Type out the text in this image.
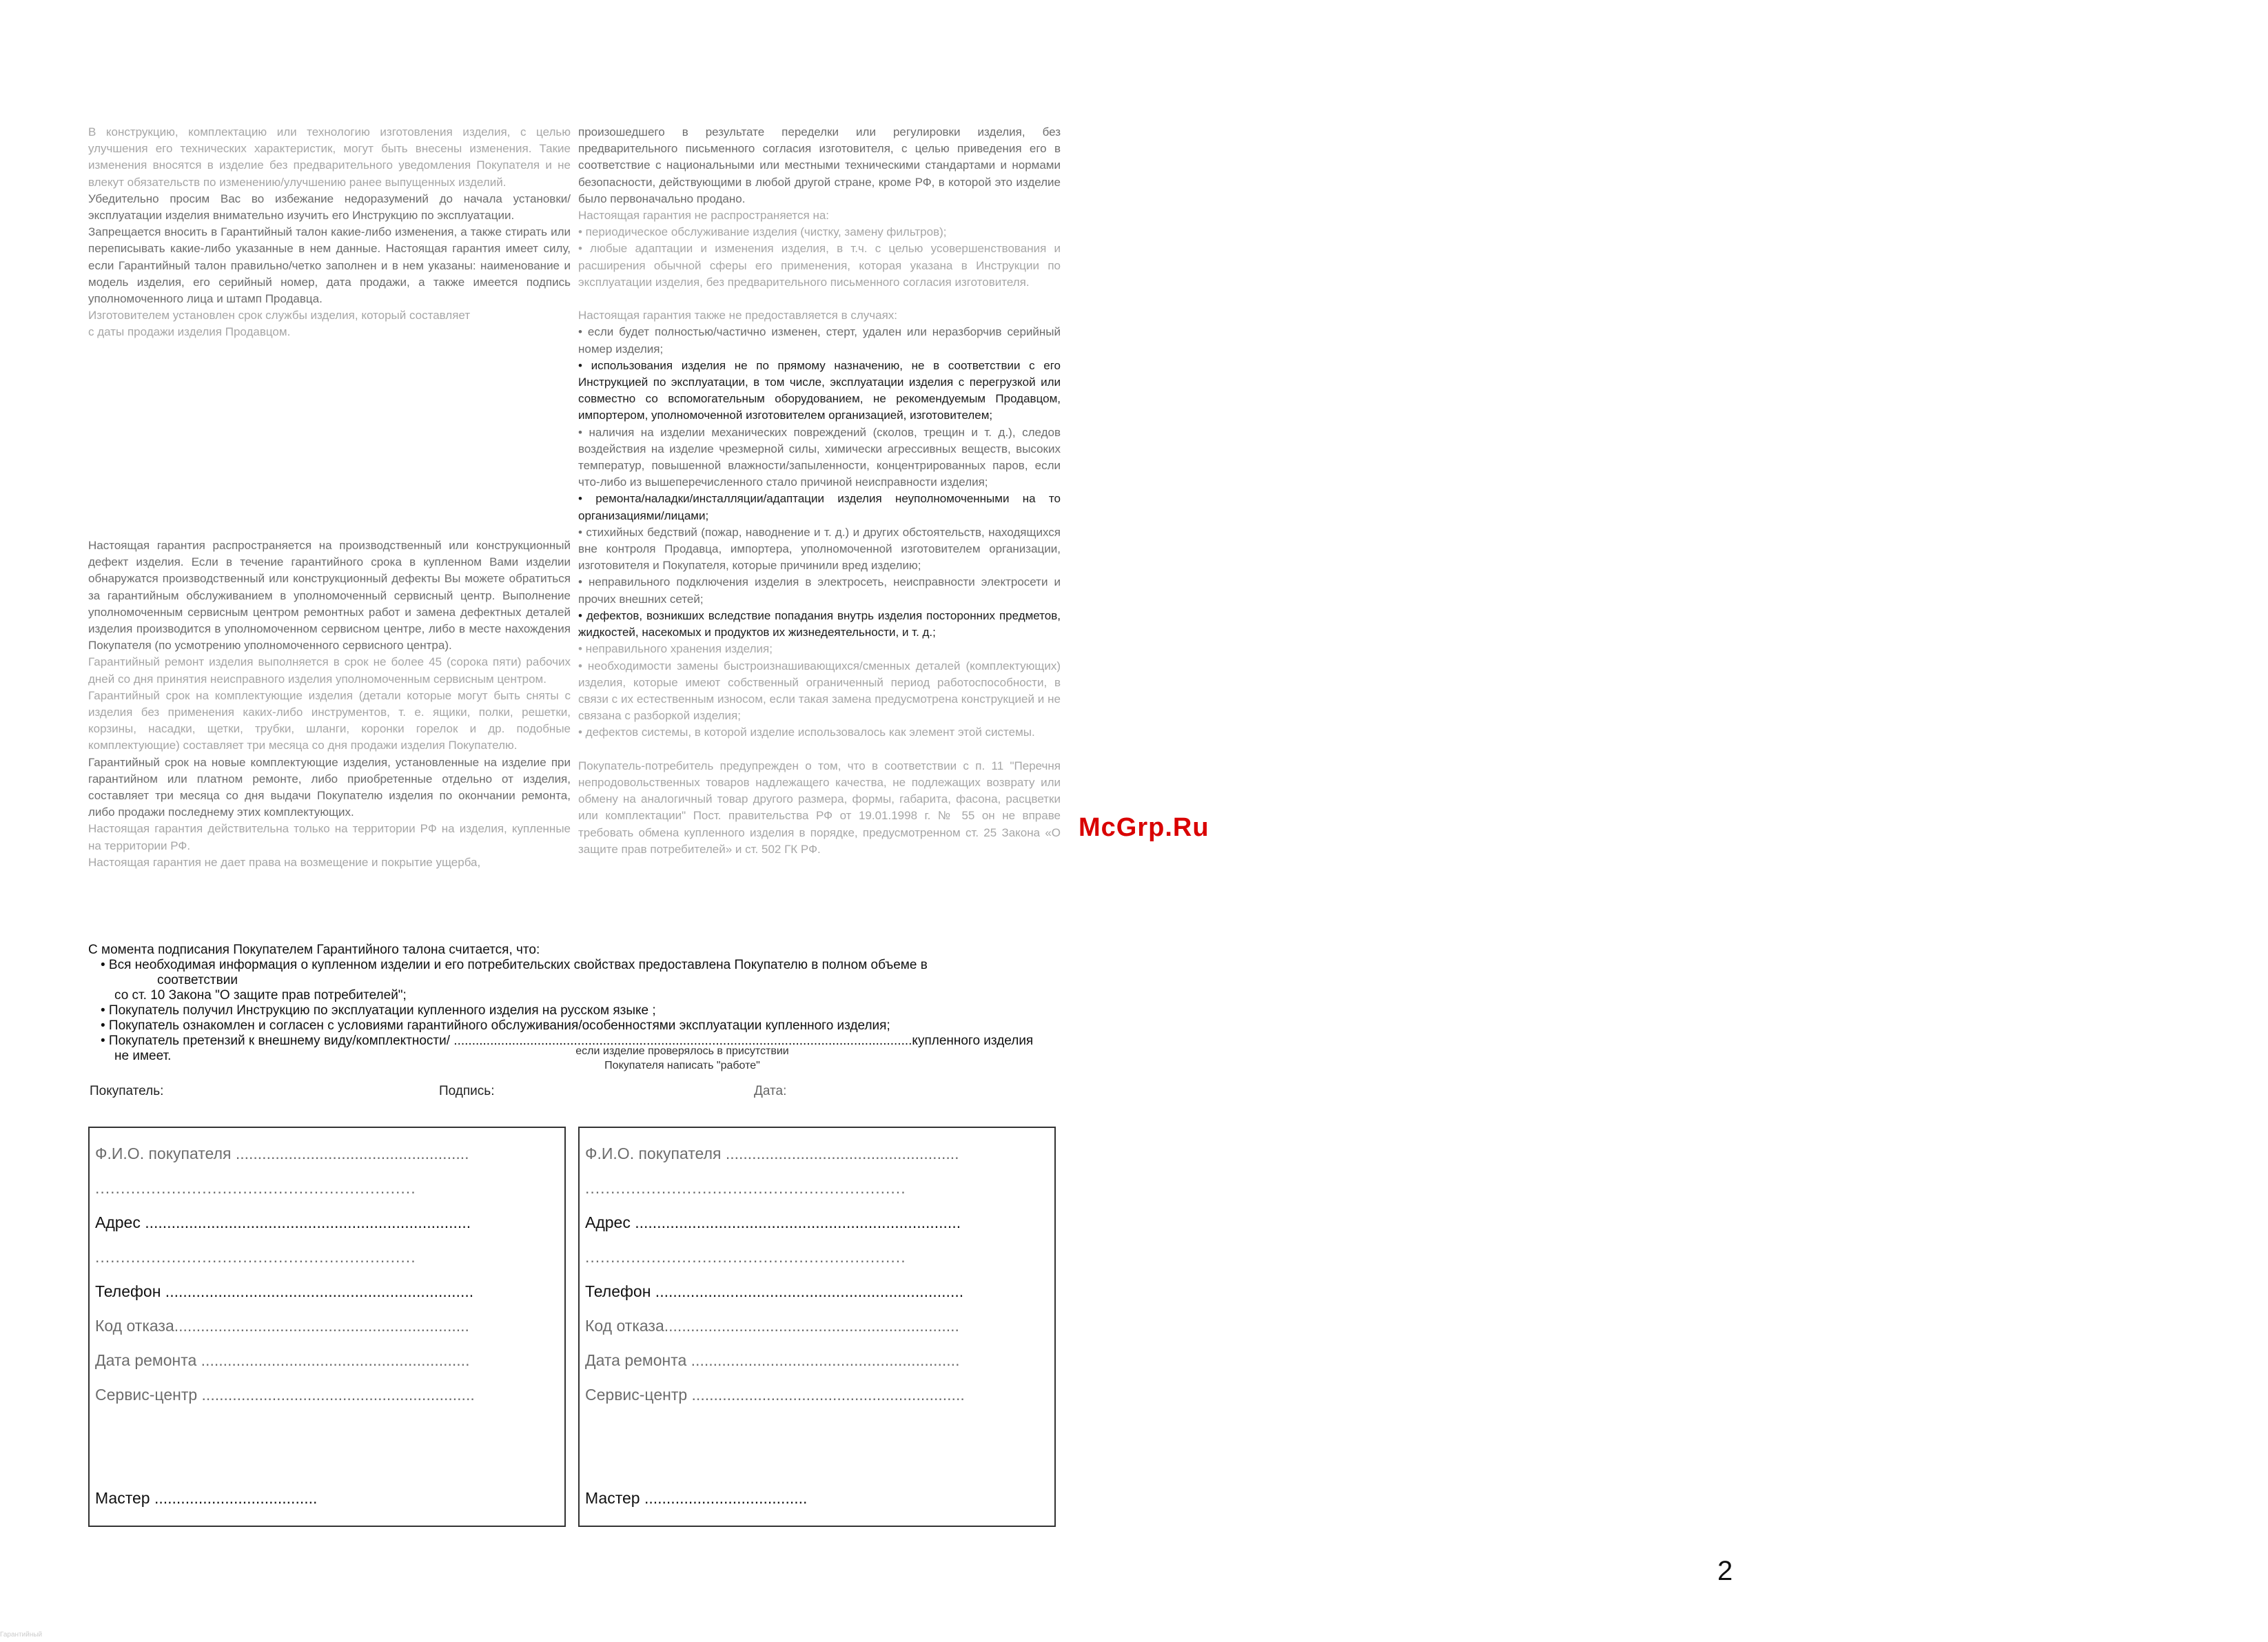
В конструкцию, комплектацию или технологию изготовления изделия, с целью улучшения его технических характеристик, могут быть внесены изменения. Такие изменения вносятся в изделие без предварительного уведомления Покупателя и не влекут обязательств по изменению/улучшению ранее выпущенных изделий.

Убедительно просим Вас во избежание недоразумений до начала установки/эксплуатации изделия внимательно изучить его Инструкцию по эксплуатации.

Запрещается вносить в Гарантийный талон какие-либо изменения, а также стирать или переписывать какие-либо указанные в нем данные. Настоящая гарантия имеет силу, если Гарантийный талон правильно/четко заполнен и в нем указаны: наименование и модель изделия, его серийный номер, дата продажи, а также имеется подпись уполномоченного лица и штамп Продавца.

Изготовителем установлен срок службы изделия, который составляет

с даты продажи изделия Продавцом.

Настоящая гарантия распространяется на производственный или конструкционный дефект изделия. Если в течение гарантийного срока в купленном Вами изделии обнаружатся производственный или конструкционный дефекты Вы можете обратиться за гарантийным обслуживанием в уполномоченный сервисный центр. Выполнение уполномоченным сервисным центром ремонтных работ и замена дефектных деталей изделия производится в уполномоченном сервисном центре, либо в месте нахождения Покупателя (по усмотрению уполномоченного сервисного центра).

Гарантийный ремонт изделия выполняется в срок не более 45 (сорока пяти) рабочих дней со дня принятия неисправного изделия уполномоченным сервисным центром.

Гарантийный срок на комплектующие изделия (детали которые могут быть сняты с изделия без применения каких-либо инструментов, т. е. ящики, полки, решетки, корзины, насадки, щетки, трубки, шланги, коронки горелок и др. подобные комплектующие) составляет три месяца со дня продажи изделия Покупателю.

Гарантийный срок на новые комплектующие изделия, установленные на изделие при гарантийном или платном ремонте, либо приобретенные отдельно от изделия, составляет три месяца со дня выдачи Покупателю изделия по окончании ремонта, либо продажи последнему этих комплектующих.

Настоящая гарантия действительна только на территории РФ на изделия, купленные на территории РФ.

Настоящая гарантия не дает права на возмещение и покрытие ущерба,

произошедшего в результате переделки или регулировки изделия, без предварительного письменного согласия изготовителя, с целью приведения его в соответствие с национальными или местными техническими стандартами и нормами безопасности, действующими в любой другой стране, кроме РФ, в которой это изделие было первоначально продано.

Настоящая гарантия не распространяется на:

• периодическое обслуживание изделия (чистку, замену фильтров);

• любые адаптации и изменения изделия, в т.ч. с целью усовершенствования и расширения обычной сферы его применения, которая указана в Инструкции по эксплуатации изделия, без предварительного письменного согласия изготовителя.

Настоящая гарантия также не предоставляется в случаях:

• если будет полностью/частично изменен, стерт, удален или неразборчив серийный номер изделия;

• использования изделия не по прямому назначению, не в соответствии с его Инструкцией по эксплуатации, в том числе, эксплуатации изделия с перегрузкой или совместно со вспомогательным оборудованием, не рекомендуемым Продавцом, импортером, уполномоченной изготовителем организацией, изготовителем;

• наличия на изделии механических повреждений (сколов, трещин и т. д.), следов воздействия на изделие чрезмерной силы, химически агрессивных веществ, высоких температур, повышенной влажности/запыленности, концентрированных паров, если что-либо из вышеперечисленного стало причиной неисправности изделия;

• ремонта/наладки/инсталляции/адаптации изделия неуполномоченными на то организациями/лицами;

• стихийных бедствий (пожар, наводнение и т. д.) и других обстоятельств, находящихся вне контроля Продавца, импортера, уполномоченной изготовителем организации, изготовителя и Покупателя, которые причинили вред изделию;

• неправильного подключения изделия в электросеть, неисправности электросети и прочих внешних сетей;

• дефектов, возникших вследствие попадания внутрь изделия посторонних предметов, жидкостей, насекомых и продуктов их жизнедеятельности, и т. д.;

• неправильного хранения изделия;

• необходимости замены быстроизнашивающихся/сменных деталей (комплектующих) изделия, которые имеют собственный ограниченный период работоспособности, в связи с их естественным износом, если такая замена предусмотрена конструкцией и не связана с разборкой изделия;

• дефектов системы, в которой изделие использовалось как элемент этой системы.

Покупатель-потребитель предупрежден о том, что в соответствии с п. 11 "Перечня непродовольственных товаров надлежащего качества, не подлежащих возврату или обмену на аналогичный товар другого размера, формы, габарита, фасона, расцветки или комплектации" Пост. правительства РФ от 19.01.1998 г. № 55 он не вправе требовать обмена купленного изделия в порядке, предусмотренном ст. 25 Закона «О защите прав потребителей» и ст. 502 ГК РФ.

С момента подписания Покупателем Гарантийного талона считается, что:
• Вся необходимая информация о купленном изделии и его потребительских свойствах предоставлена Покупателю в полном объеме в
соответствии
со ст. 10 Закона "О защите прав потребителей";
• Покупатель получил Инструкцию по эксплуатации купленного изделия на русском языке ;
• Покупатель ознакомлен и согласен с условиями гарантийного обслуживания/особенностями эксплуатации купленного изделия;
• Покупатель претензий к внешнему виду/комплектности/ ..............................................................................................................................купленного изделия
не имеет.	если изделие проверялось в присутствии
Покупателя написать "работе"
Покупатель:	Подпись:	Дата:
Ф.И.О. покупателя .....................................................
...............................................................
Адрес ..........................................................................
...............................................................
Телефон ......................................................................
Код отказа...................................................................
Дата ремонта .............................................................
Сервис-центр ..............................................................
Мастер .....................................
Ф.И.О. покупателя .....................................................
...............................................................
Адрес ..........................................................................
...............................................................
Телефон ......................................................................
Код отказа...................................................................
Дата ремонта .............................................................
Сервис-центр ..............................................................
Мастер .....................................
McGrp.Ru
2
Гарантийный
